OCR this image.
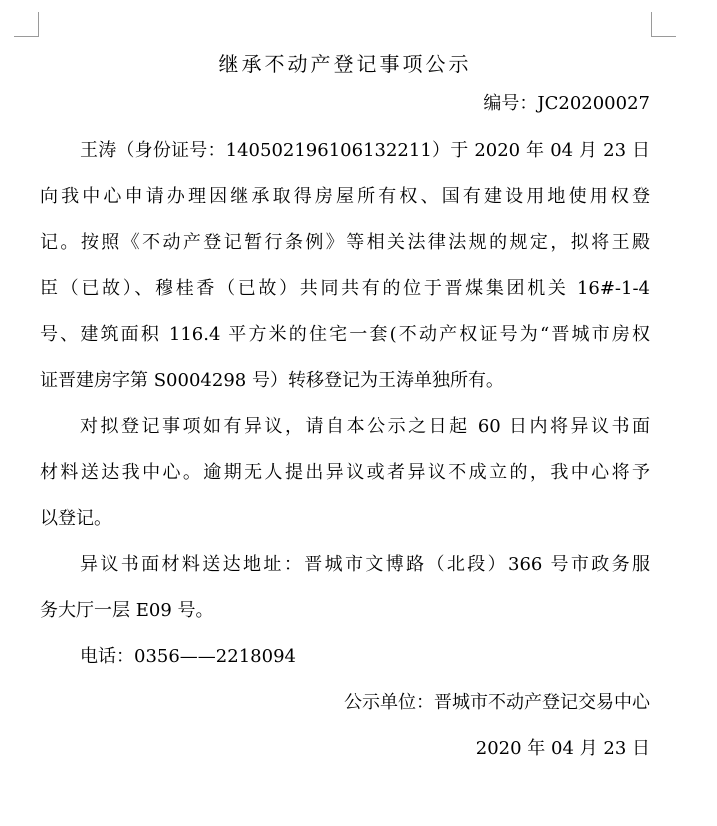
继承不动产登记事项公示
编号：JC20200027
王涛（身份证号：140502196106132211）于 2020 年 04 月 23 日
向我中心申请办理因继承取得房屋所有权、国有建设用地使用权登
记。按照《不动产登记暂行条例》等相关法律法规的规定，拟将王殿
臣（已故）、穆桂香（已故）共同共有的位于晋煤集团机关 16#-1-4
号、建筑面积 116.4 平方米的住宅一套(不动产权证号为“晋城市房权
证晋建房字第 S0004298 号）转移登记为王涛单独所有。
对拟登记事项如有异议，请自本公示之日起 60 日内将异议书面
材料送达我中心。逾期无人提出异议或者异议不成立的，我中心将予
以登记。
异议书面材料送达地址：晋城市文博路（北段）366 号市政务服
务大厅一层 E09 号。
电话：0356——2218094
公示单位：晋城市不动产登记交易中心
2020 年 04 月 23 日
